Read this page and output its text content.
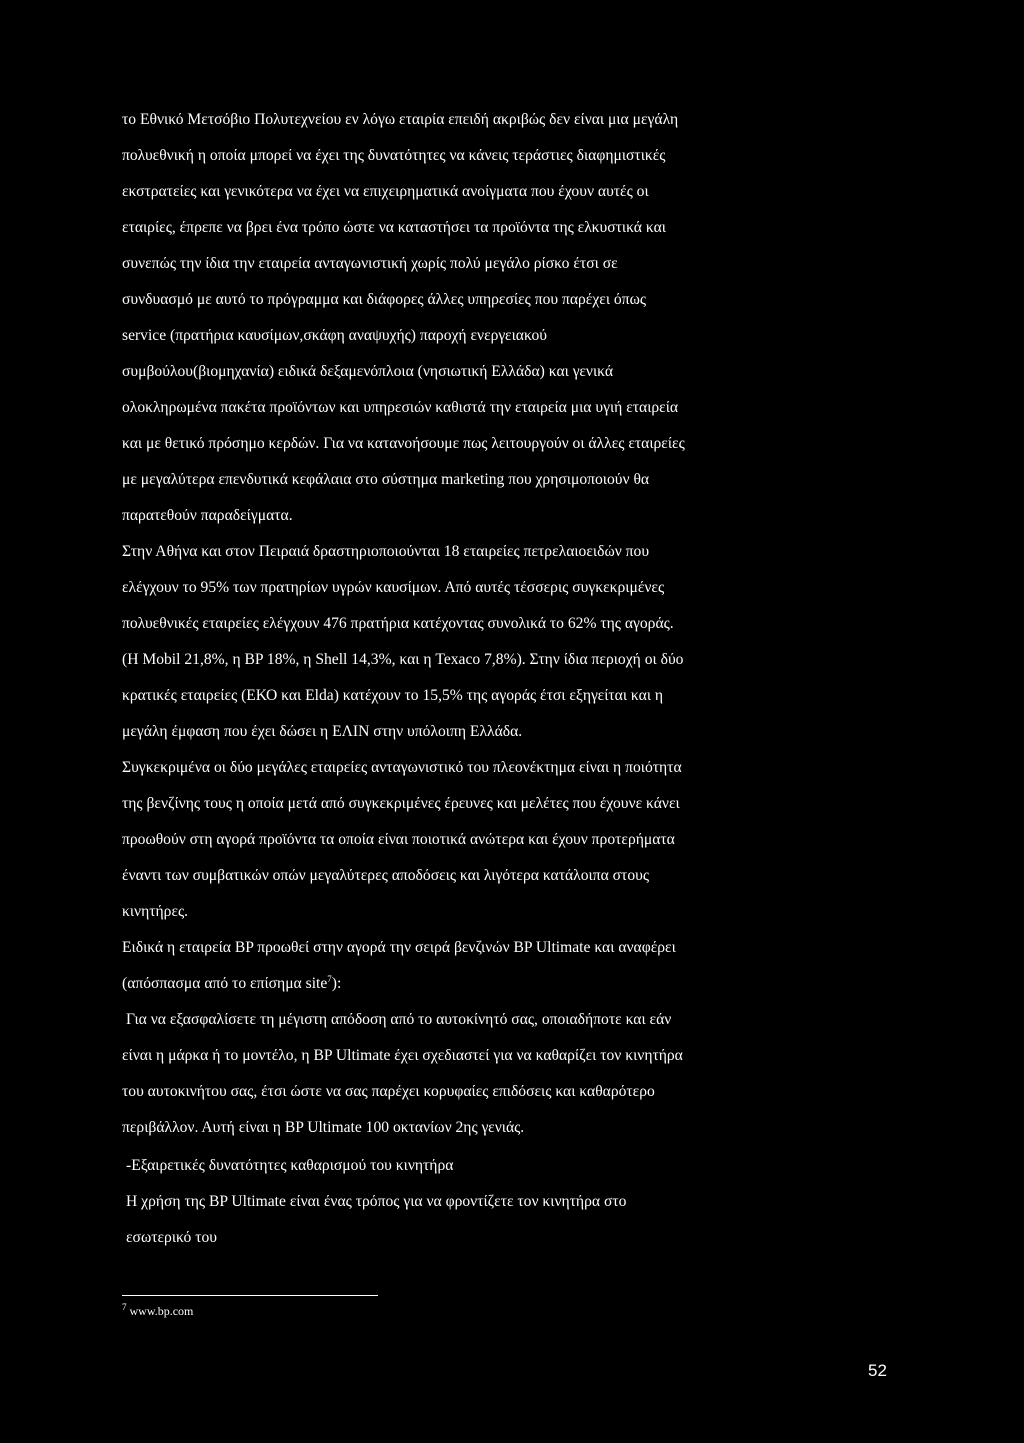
το Εθνικό Μετσόβιο Πολυτεχνείου εν λόγω εταιρία επειδή ακριβώς δεν είναι μια μεγάλη
πολυεθνική η οποία μπορεί να έχει της δυνατότητες να κάνεις τεράστιες διαφημιστικές
εκστρατείες και γενικότερα να έχει να επιχειρηματικά ανοίγματα που έχουν αυτές οι
εταιρίες, έπρεπε να βρει ένα τρόπο ώστε να καταστήσει τα προϊόντα της ελκυστικά και
συνεπώς την ίδια την εταιρεία ανταγωνιστική χωρίς πολύ μεγάλο ρίσκο έτσι σε
συνδυασμό με αυτό το πρόγραμμα και διάφορες άλλες υπηρεσίες που παρέχει όπως
service (πρατήρια καυσίμων,σκάφη αναψυχής) παροχή ενεργειακού
συμβούλου(βιομηχανία) ειδικά δεξαμενόπλοια (νησιωτική Ελλάδα) και γενικά
ολοκληρωμένα πακέτα προϊόντων και υπηρεσιών καθιστά την εταιρεία μια υγιή εταιρεία
και με θετικό πρόσημο κερδών. Για να κατανοήσουμε πως λειτουργούν οι άλλες εταιρείες
με μεγαλύτερα επενδυτικά κεφάλαια στο σύστημα marketing που χρησιμοποιούν θα
παρατεθούν παραδείγματα.
Στην Αθήνα και στον Πειραιά δραστηριοποιούνται 18 εταιρείες πετρελαιοειδών που
ελέγχουν το 95% των πρατηρίων υγρών καυσίμων. Από αυτές τέσσερις συγκεκριμένες
πολυεθνικές εταιρείες ελέγχουν 476 πρατήρια κατέχοντας συνολικά το 62% της αγοράς.
(Η Mobil 21,8%, η BP 18%, η Shell 14,3%, και η Texaco 7,8%). Στην ίδια περιοχή οι δύο
κρατικές εταιρείες (ΕΚΟ και Elda) κατέχουν το 15,5% της αγοράς έτσι εξηγείται και η
μεγάλη έμφαση που έχει δώσει η ΕΛΙΝ στην υπόλοιπη Ελλάδα.
Συγκεκριμένα οι δύο μεγάλες εταιρείες ανταγωνιστικό του πλεονέκτημα είναι η ποιότητα
της βενζίνης τους η οποία μετά από συγκεκριμένες έρευνες και μελέτες που έχουνε κάνει
προωθούν στη αγορά προϊόντα τα οποία είναι ποιοτικά ανώτερα και έχουν προτερήματα
έναντι των συμβατικών οπών μεγαλύτερες αποδόσεις και λιγότερα κατάλοιπα στους
κινητήρες.
Ειδικά η εταιρεία BP προωθεί στην αγορά την σειρά βενζινών BP Ultimate και αναφέρει
(απόσπασμα από το επίσημα site$^7$):
Για να εξασφαλίσετε τη μέγιστη απόδοση από το αυτοκίνητό σας, οποιαδήποτε και εάν
είναι η μάρκα ή το μοντέλο, η BP Ultimate έχει σχεδιαστεί για να καθαρίζει τον κινητήρα
του αυτοκινήτου σας, έτσι ώστε να σας παρέχει κορυφαίες επιδόσεις και καθαρότερο
περιβάλλον. Αυτή είναι η BP Ultimate 100 οκτανίων 2ης γενιάς.
-Εξαιρετικές δυνατότητες καθαρισμού του κινητήρα
Η χρήση της BP Ultimate είναι ένας τρόπος για να φροντίζετε τον κινητήρα στο
εσωτερικό του
$^7$ www.bp.com
52
